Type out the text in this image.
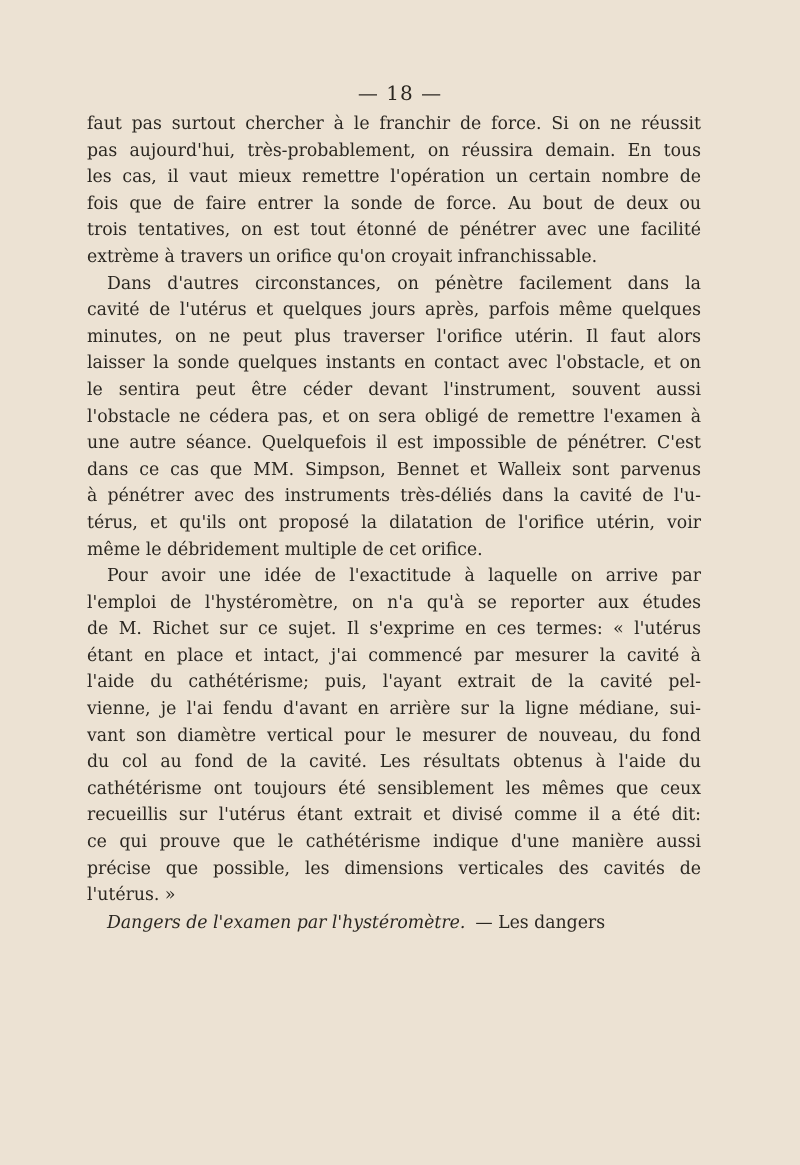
— 18 —
faut pas surtout chercher à le franchir de force. Si on ne réussit
pas aujourd'hui, très-probablement, on réussira demain. En tous
les cas, il vaut mieux remettre l'opération un certain nombre de
fois que de faire entrer la sonde de force. Au bout de deux ou
trois tentatives, on est tout étonné de pénétrer avec une facilité
extrème à travers un orifice qu'on croyait infranchissable.
Dans d'autres circonstances, on pénètre facilement dans la
cavité de l'utérus et quelques jours après, parfois même quelques
minutes, on ne peut plus traverser l'orifice utérin. Il faut alors
laisser la sonde quelques instants en contact avec l'obstacle, et on
le sentira peut être céder devant l'instrument, souvent aussi
l'obstacle ne cédera pas, et on sera obligé de remettre l'examen à
une autre séance. Quelquefois il est impossible de pénétrer. C'est
dans ce cas que MM. Simpson, Bennet et Walleix sont parvenus
à pénétrer avec des instruments très-déliés dans la cavité de l'u-
térus, et qu'ils ont proposé la dilatation de l'orifice utérin, voir
même le débridement multiple de cet orifice.
Pour avoir une idée de l'exactitude à laquelle on arrive par
l'emploi de l'hystéromètre, on n'a qu'à se reporter aux études
de M. Richet sur ce sujet. Il s'exprime en ces termes: « l'utérus
étant en place et intact, j'ai commencé par mesurer la cavité à
l'aide du cathétérisme; puis, l'ayant extrait de la cavité pel-
vienne, je l'ai fendu d'avant en arrière sur la ligne médiane, sui-
vant son diamètre vertical pour le mesurer de nouveau, du fond
du col au fond de la cavité. Les résultats obtenus à l'aide du
cathétérisme ont toujours été sensiblement les mêmes que ceux
recueillis sur l'utérus étant extrait et divisé comme il a été dit:
ce qui prouve que le cathétérisme indique d'une manière aussi
précise que possible, les dimensions verticales des cavités de
l'utérus. »
Dangers de l'examen par l'hystéromètre. — Les dangers
